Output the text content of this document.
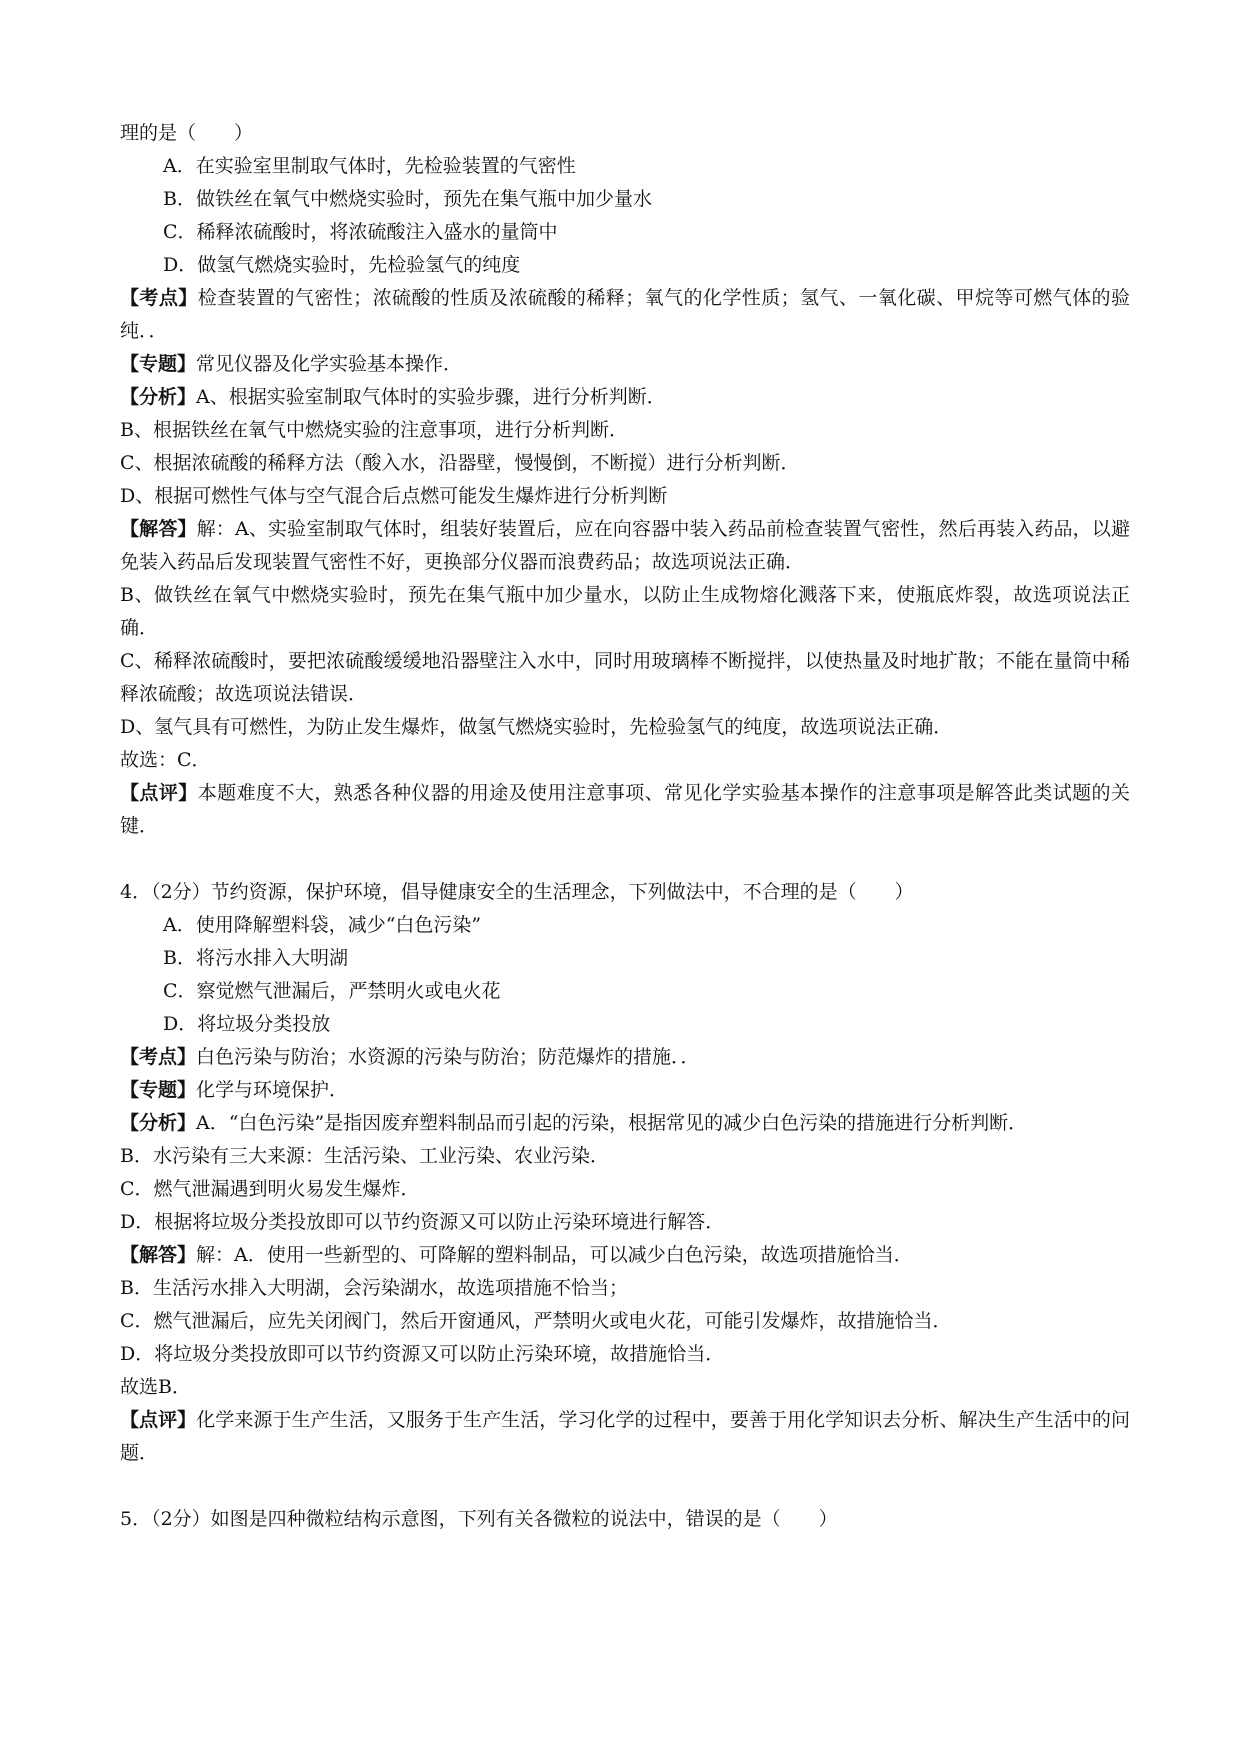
理的是（　　）
A．在实验室里制取气体时，先检验装置的气密性
B．做铁丝在氧气中燃烧实验时，预先在集气瓶中加少量水
C．稀释浓硫酸时，将浓硫酸注入盛水的量筒中
D．做氢气燃烧实验时，先检验氢气的纯度
【考点】检查装置的气密性；浓硫酸的性质及浓硫酸的稀释；氧气的化学性质；氢气、一氧化碳、甲烷等可燃气体的验纯．．
【专题】常见仪器及化学实验基本操作．
【分析】A、根据实验室制取气体时的实验步骤，进行分析判断．
B、根据铁丝在氧气中燃烧实验的注意事项，进行分析判断．
C、根据浓硫酸的稀释方法（酸入水，沿器壁，慢慢倒，不断搅）进行分析判断．
D、根据可燃性气体与空气混合后点燃可能发生爆炸进行分析判断
【解答】解：A、实验室制取气体时，组装好装置后，应在向容器中装入药品前检查装置气密性，然后再装入药品，以避免装入药品后发现装置气密性不好，更换部分仪器而浪费药品；故选项说法正确．
B、做铁丝在氧气中燃烧实验时，预先在集气瓶中加少量水，以防止生成物熔化溅落下来，使瓶底炸裂，故选项说法正确．
C、稀释浓硫酸时，要把浓硫酸缓缓地沿器壁注入水中，同时用玻璃棒不断搅拌，以使热量及时地扩散；不能在量筒中稀释浓硫酸；故选项说法错误．
D、氢气具有可燃性，为防止发生爆炸，做氢气燃烧实验时，先检验氢气的纯度，故选项说法正确．
故选：C．
【点评】本题难度不大，熟悉各种仪器的用途及使用注意事项、常见化学实验基本操作的注意事项是解答此类试题的关键．
4．（2分）节约资源，保护环境，倡导健康安全的生活理念，下列做法中，不合理的是（　　）
A．使用降解塑料袋，减少“白色污染”
B．将污水排入大明湖
C．察觉燃气泄漏后，严禁明火或电火花
D．将垃圾分类投放
【考点】白色污染与防治；水资源的污染与防治；防范爆炸的措施．．
【专题】化学与环境保护．
【分析】A．“白色污染”是指因废弃塑料制品而引起的污染，根据常见的减少白色污染的措施进行分析判断．
B．水污染有三大来源：生活污染、工业污染、农业污染．
C．燃气泄漏遇到明火易发生爆炸．
D．根据将垃圾分类投放即可以节约资源又可以防止污染环境进行解答．
【解答】解：A．使用一些新型的、可降解的塑料制品，可以减少白色污染，故选项措施恰当．
B．生活污水排入大明湖，会污染湖水，故选项措施不恰当；
C．燃气泄漏后，应先关闭阀门，然后开窗通风，严禁明火或电火花，可能引发爆炸，故措施恰当．
D．将垃圾分类投放即可以节约资源又可以防止污染环境，故措施恰当．
故选B．
【点评】化学来源于生产生活，又服务于生产生活，学习化学的过程中，要善于用化学知识去分析、解决生产生活中的问题．
5．（2分）如图是四种微粒结构示意图，下列有关各微粒的说法中，错误的是（　　）
